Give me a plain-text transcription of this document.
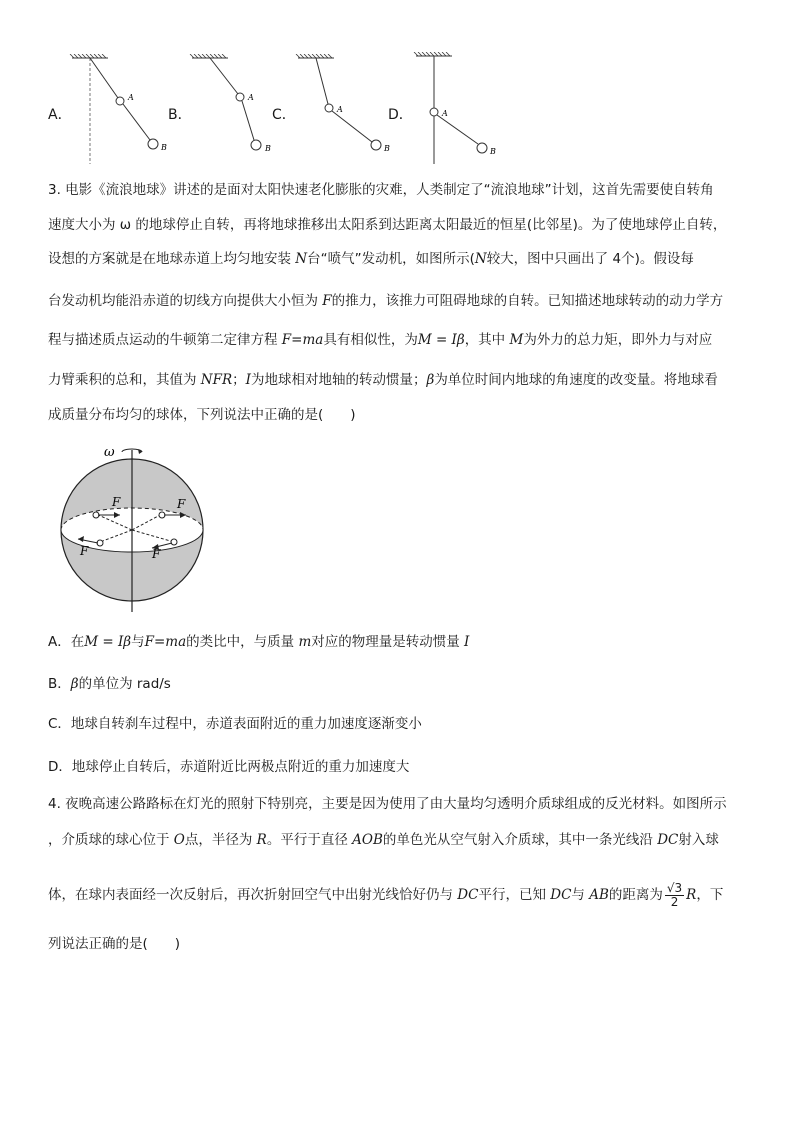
A．
A
B
B．
A
B
C．	A
B
D．	A
B
3. 电影《流浪地球》讲述的是面对太阳快速老化膨胀的灾难，人类制定了“流浪地球”计划，这首先需要使自转角
速度大小为 ω 的地球停止自转，再将地球推移出太阳系到达距离太阳最近的恒星(比邻星)。为了使地球停止自转，
设想的方案就是在地球赤道上均匀地安装 N台“喷气”发动机，如图所示(N较大，图中只画出了 4个)。假设每
台发动机均能沿赤道的切线方向提供大小恒为 F的推力，该推力可阻碍地球的自转。已知描述地球转动的动力学方
程与描述质点运动的牛顿第二定律方程 F=ma具有相似性，为M = Iβ，其中 M为外力的总力矩，即外力与对应
力臂乘积的总和，其值为 NFR；I为地球相对地轴的转动惯量；β为单位时间内地球的角速度的改变量。将地球看
成质量分布均匀的球体，下列说法中正确的是(　　)
ω
F	F
F
F
A．在M = Iβ与F=ma的类比中，与质量 m对应的物理量是转动惯量 I
B．β的单位为 rad/s
C．地球自转刹车过程中，赤道表面附近的重力加速度逐渐变小
D．地球停止自转后，赤道附近比两极点附近的重力加速度大
4. 夜晚高速公路路标在灯光的照射下特别亮，主要是因为使用了由大量均匀透明介质球组成的反光材料。如图所示
，介质球的球心位于 O点，半径为 R。平行于直径 AOB的单色光从空气射入介质球，其中一条光线沿 DC射入球
体，在球内表面经一次反射后，再次折射回空气中出射光线恰好仍与 DC平行，已知 DC与 AB的距离为 $\frac{√3}{2}$ R，下
列说法正确的是(　　)
